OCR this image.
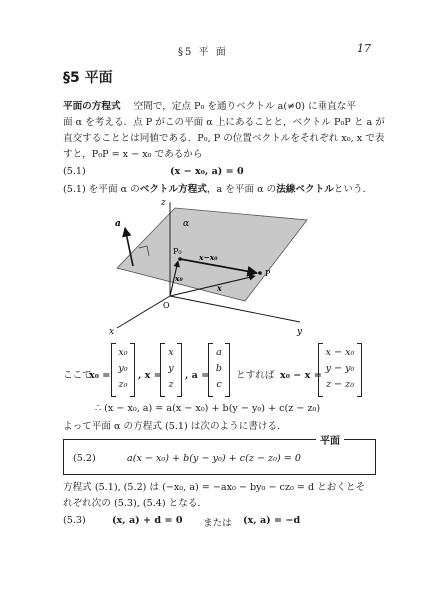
§5 平 面	17
§5 平面
平面の方程式 空間で，定点 P₀ を通りベクトル a(≠0) に垂直な平
面 α を考える．点 P がこの平面 α 上にあることと，ベクトル P₀P と a が
直交することとは同値である．P₀, P の位置ベクトルをそれぞれ x₀, x で表
すと，P₀P = x − x₀ であるから
(5.1)	(x − x₀, a) = 0
(5.1) を平面 α のベクトル方程式，a を平面 α の法線ベクトルという．
z
x	y
α
a
P₀
P
O
x₀
x
x−x₀
ここで
x₀ =
x₀
y₀
z₀
, x =
x
y
z
, a =
a
b
c
とすれば x₀ − x =
x − x₀
y − y₀
z − z₀
∴ (x − x₀, a) = a(x − x₀) + b(y − y₀) + c(z − z₀)
よって平面 α の方程式 (5.1) は次のように書ける．
平面
(5.2)	a(x − x₀) + b(y − y₀) + c(z − z₀) = 0
方程式 (5.1), (5.2) は (−x₀, a) = −ax₀ − by₀ − cz₀ = d とおくとそ
れぞれ次の (5.3), (5.4) となる．
(5.3)	(x, a) + d = 0 または (x, a) = −d
